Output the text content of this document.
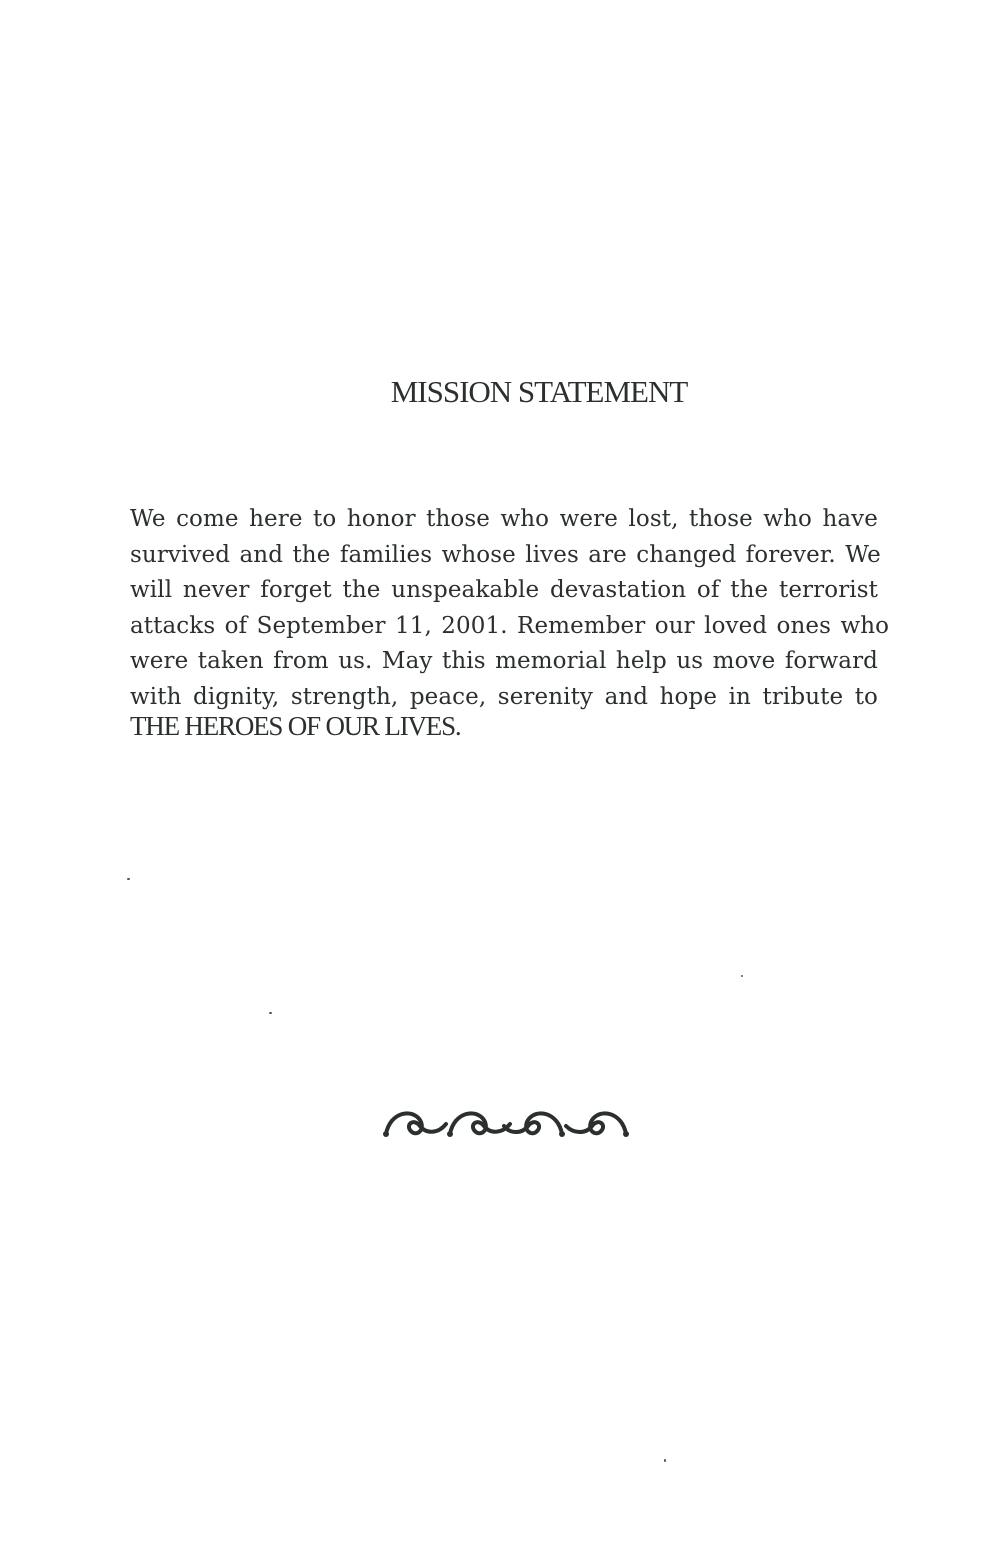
MISSION STATEMENT
We come here to honor those who were lost, those who have
survived and the families whose lives are changed forever. We
will never forget the unspeakable devastation of the terrorist
attacks of September 11, 2001. Remember our loved ones who
were taken from us. May this memorial help us move forward
with dignity, strength, peace, serenity and hope in tribute to
THE HEROES OF OUR LIVES.
